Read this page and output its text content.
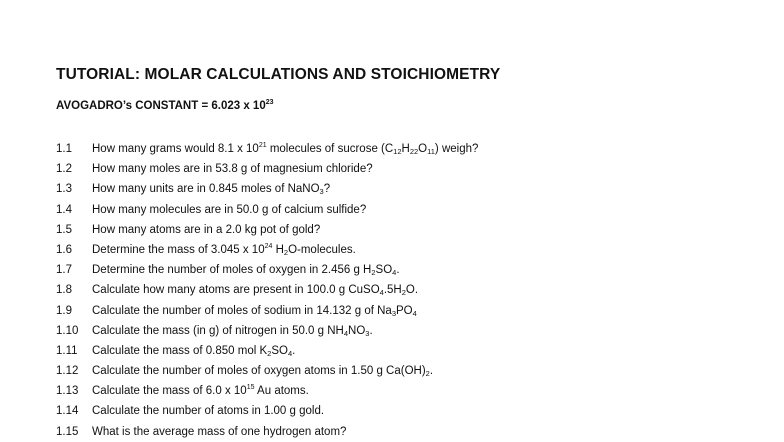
TUTORIAL: MOLAR CALCULATIONS AND STOICHIOMETRY
AVOGADRO’s CONSTANT = 6.023 x $10^{23}$
1.1 How many grams would 8.1 x $10^{21}$ molecules of sucrose $(C_{12}H_{22}O_{11})$ weigh?
1.2 How many moles are in 53.8 g of magnesium chloride?
1.3 How many units are in 0.845 moles of NaNO$_3$?
1.4 How many molecules are in 50.0 g of calcium sulfide?
1.5 How many atoms are in a 2.0 kg pot of gold?
1.6 Determine the mass of 3.045 x $10^{24}$ $H_2O$-molecules.
1.7 Determine the number of moles of oxygen in 2.456 g $H_2SO_4$.
1.8 Calculate how many atoms are present in 100.0 g $CuSO_4.5H_2O$.
1.9 Calculate the number of moles of sodium in 14.132 g of $Na_3PO_4$
1.10 Calculate the mass (in g) of nitrogen in 50.0 g $NH_4NO_3$.
1.11 Calculate the mass of 0.850 mol $K_2SO_4$.
1.12 Calculate the number of moles of oxygen atoms in 1.50 g $Ca(OH)_2$.
1.13 Calculate the mass of 6.0 x $10^{15}$ Au atoms.
1.14 Calculate the number of atoms in 1.00 g gold.
1.15 What is the average mass of one hydrogen atom?
